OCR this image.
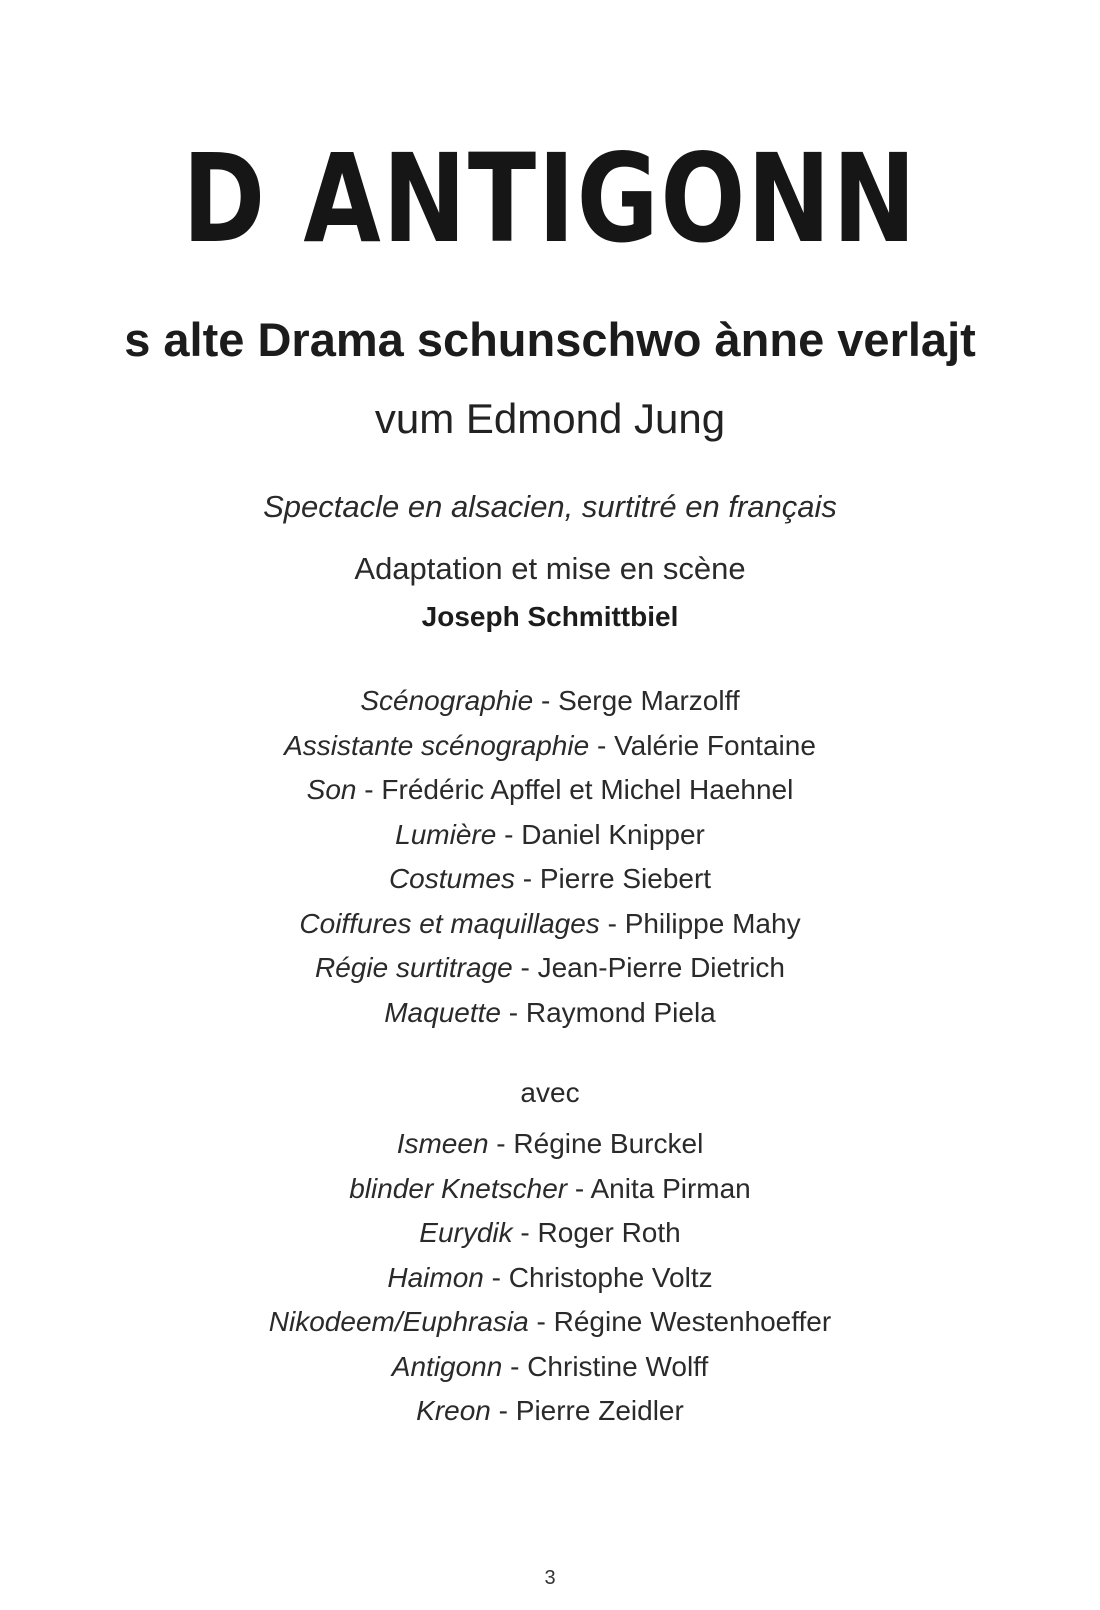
D ANTIGONN
s alte Drama schunschwo ànne verlajt

vum Edmond Jung

Spectacle en alsacien, surtitré en français

Adaptation et mise en scène

Joseph Schmittbiel

Scénographie - Serge Marzolff
Assistante scénographie - Valérie Fontaine
Son - Frédéric Apffel et Michel Haehnel
Lumière - Daniel Knipper
Costumes - Pierre Siebert
Coiffures et maquillages - Philippe Mahy
Régie surtitrage - Jean-Pierre Dietrich
Maquette - Raymond Piela

avec

Ismeen - Régine Burckel
blinder Knetscher - Anita Pirman
Eurydik - Roger Roth
Haimon - Christophe Voltz
Nikodeem/Euphrasia - Régine Westenhoeffer
Antigonn - Christine Wolff
Kreon - Pierre Zeidler

3
